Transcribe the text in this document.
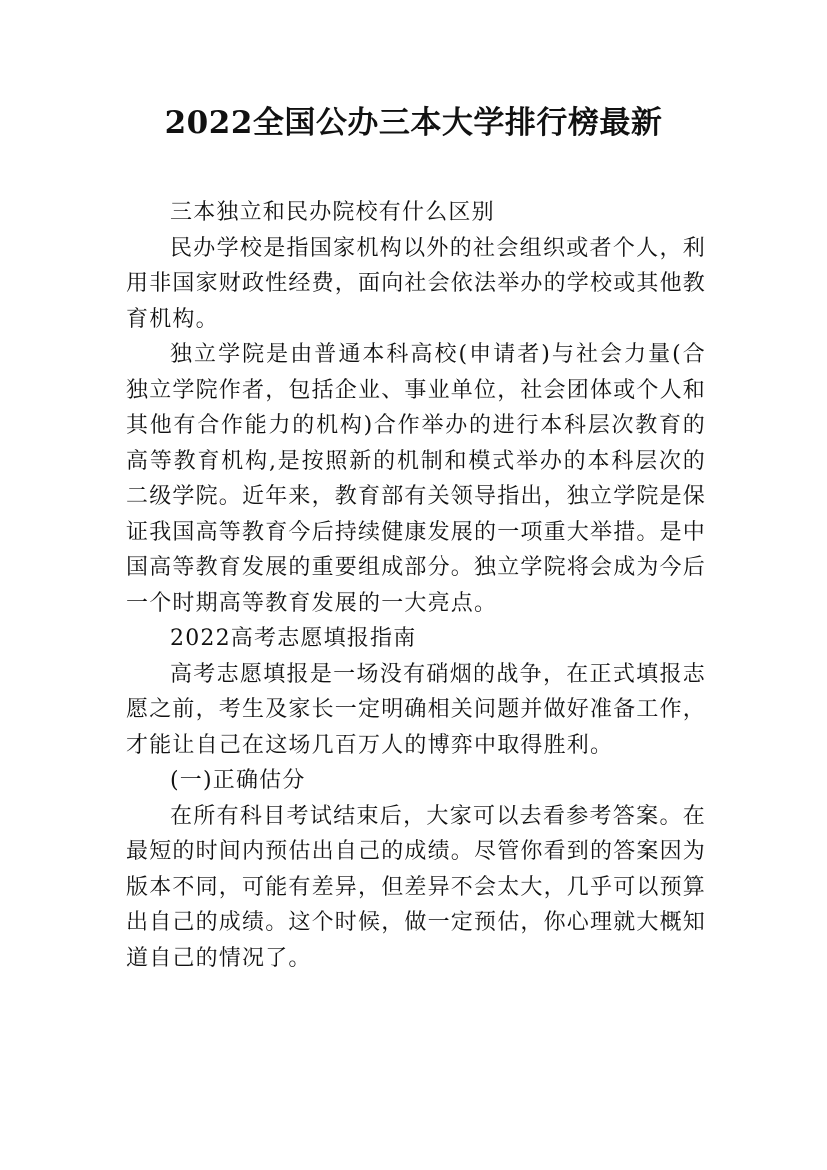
2022全国公办三本大学排行榜最新

三本独立和民办院校有什么区别

民办学校是指国家机构以外的社会组织或者个人，利用非国家财政性经费，面向社会依法举办的学校或其他教育机构。

独立学院是由普通本科高校(申请者)与社会力量(合独立学院作者，包括企业、事业单位，社会团体或个人和其他有合作能力的机构)合作举办的进行本科层次教育的高等教育机构,是按照新的机制和模式举办的本科层次的二级学院。近年来，教育部有关领导指出，独立学院是保证我国高等教育今后持续健康发展的一项重大举措。是中国高等教育发展的重要组成部分。独立学院将会成为今后一个时期高等教育发展的一大亮点。

2022高考志愿填报指南

高考志愿填报是一场没有硝烟的战争，在正式填报志愿之前，考生及家长一定明确相关问题并做好准备工作，才能让自己在这场几百万人的博弈中取得胜利。

(一)正确估分

在所有科目考试结束后，大家可以去看参考答案。在最短的时间内预估出自己的成绩。尽管你看到的答案因为版本不同，可能有差异，但差异不会太大，几乎可以预算出自己的成绩。这个时候，做一定预估，你心理就大概知道自己的情况了。
